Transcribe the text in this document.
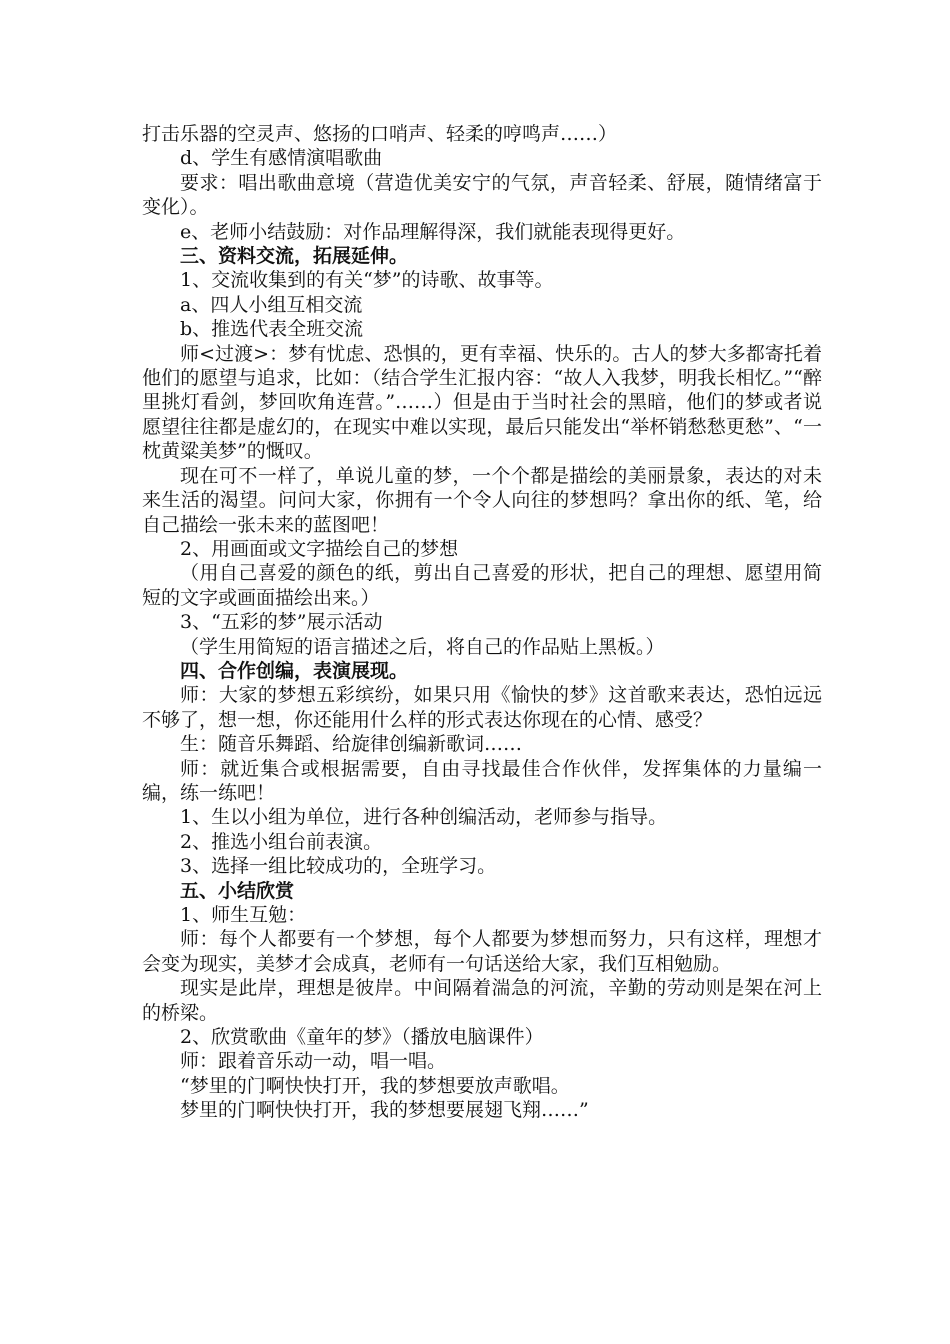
打击乐器的空灵声、悠扬的口哨声、轻柔的哼鸣声……）

d、学生有感情演唱歌曲

要求：唱出歌曲意境（营造优美安宁的气氛，声音轻柔、舒展，随情绪富于变化）。

e、老师小结鼓励：对作品理解得深，我们就能表现得更好。

三、资料交流，拓展延伸。

1、交流收集到的有关“梦”的诗歌、故事等。

a、四人小组互相交流

b、推选代表全班交流

师<过渡>：梦有忧虑、恐惧的，更有幸福、快乐的。古人的梦大多都寄托着他们的愿望与追求，比如：（结合学生汇报内容：“故人入我梦，明我长相忆。”“醉里挑灯看剑，梦回吹角连营。”……）但是由于当时社会的黑暗，他们的梦或者说愿望往往都是虚幻的，在现实中难以实现，最后只能发出“举杯销愁愁更愁”、“一枕黄粱美梦”的慨叹。

现在可不一样了，单说儿童的梦，一个个都是描绘的美丽景象，表达的对未来生活的渴望。问问大家，你拥有一个令人向往的梦想吗？拿出你的纸、笔，给自己描绘一张未来的蓝图吧！

2、用画面或文字描绘自己的梦想

（用自己喜爱的颜色的纸，剪出自己喜爱的形状，把自己的理想、愿望用简短的文字或画面描绘出来。）

3、“五彩的梦”展示活动

（学生用简短的语言描述之后，将自己的作品贴上黑板。）

四、合作创编，表演展现。

师：大家的梦想五彩缤纷，如果只用《愉快的梦》这首歌来表达，恐怕远远不够了，想一想，你还能用什么样的形式表达你现在的心情、感受？

生：随音乐舞蹈、给旋律创编新歌词……

师：就近集合或根据需要，自由寻找最佳合作伙伴，发挥集体的力量编一编，练一练吧！

1、生以小组为单位，进行各种创编活动，老师参与指导。

2、推选小组台前表演。

3、选择一组比较成功的，全班学习。

五、小结欣赏

1、师生互勉：

师：每个人都要有一个梦想，每个人都要为梦想而努力，只有这样，理想才会变为现实，美梦才会成真，老师有一句话送给大家，我们互相勉励。

现实是此岸，理想是彼岸。中间隔着湍急的河流，辛勤的劳动则是架在河上的桥梁。

2、欣赏歌曲《童年的梦》（播放电脑课件）

师：跟着音乐动一动，唱一唱。

“梦里的门啊快快打开，我的梦想要放声歌唱。

梦里的门啊快快打开，我的梦想要展翅飞翔……”
